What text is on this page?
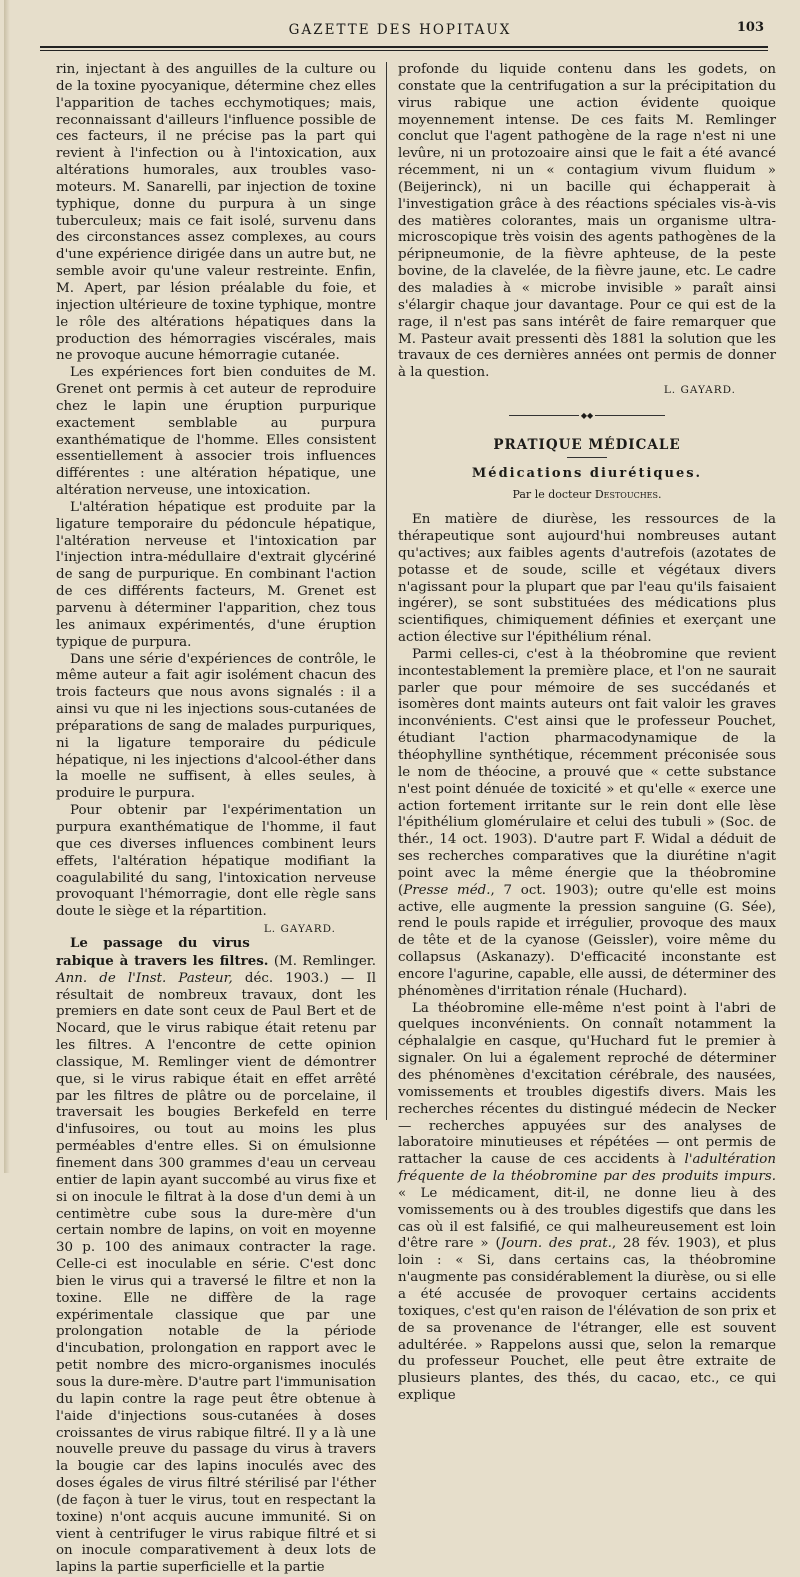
GAZETTE DES HOPITAUX	103

rin, injectant à des anguilles de la culture ou de la toxine pyocyanique, détermine chez elles l'apparition de taches ecchymotiques; mais, reconnaissant d'ailleurs l'influence possible de ces facteurs, il ne précise pas la part qui revient à l'infection ou à l'intoxication, aux altérations humorales, aux troubles vaso-moteurs. M. Sanarelli, par injection de toxine typhique, donne du purpura à un singe tuberculeux; mais ce fait isolé, survenu dans des circonstances assez complexes, au cours d'une expérience dirigée dans un autre but, ne semble avoir qu'une valeur restreinte. Enfin, M. Apert, par lésion préalable du foie, et injection ultérieure de toxine typhique, montre le rôle des altérations hépatiques dans la production des hémorragies viscérales, mais ne provoque aucune hémorragie cutanée.

Les expériences fort bien conduites de M. Grenet ont permis à cet auteur de reproduire chez le lapin une éruption purpurique exactement semblable au purpura exanthématique de l'homme. Elles consistent essentiellement à associer trois influences différentes : une altération hépatique, une altération nerveuse, une intoxication.

L'altération hépatique est produite par la ligature temporaire du pédoncule hépatique, l'altération nerveuse et l'intoxication par l'injection intra-médullaire d'extrait glycériné de sang de purpurique. En combinant l'action de ces différents facteurs, M. Grenet est parvenu à déterminer l'apparition, chez tous les animaux expérimentés, d'une éruption typique de purpura.

Dans une série d'expériences de contrôle, le même auteur a fait agir isolément chacun des trois facteurs que nous avons signalés : il a ainsi vu que ni les injections sous-cutanées de préparations de sang de malades purpuriques, ni la ligature temporaire du pédicule hépatique, ni les injections d'alcool-éther dans la moelle ne suffisent, à elles seules, à produire le purpura.

Pour obtenir par l'expérimentation un purpura exanthématique de l'homme, il faut que ces diverses influences combinent leurs effets, l'altération hépatique modifiant la coagulabilité du sang, l'intoxication nerveuse provoquant l'hémorragie, dont elle règle sans doute le siège et la répartition.
L. GAYARD.

Le passage du virus rabique à travers les filtres. (M. Remlinger. Ann. de l'Inst. Pasteur, déc. 1903.) — Il résultait de nombreux travaux, dont les premiers en date sont ceux de Paul Bert et de Nocard, que le virus rabique était retenu par les filtres. A l'encontre de cette opinion classique, M. Remlinger vient de démontrer que, si le virus rabique était en effet arrêté par les filtres de plâtre ou de porcelaine, il traversait les bougies Berkefeld en terre d'infusoires, ou tout au moins les plus perméables d'entre elles. Si on émulsionne finement dans 300 grammes d'eau un cerveau entier de lapin ayant succombé au virus fixe et si on inocule le filtrat à la dose d'un demi à un centimètre cube sous la dure-mère d'un certain nombre de lapins, on voit en moyenne 30 p. 100 des animaux contracter la rage. Celle-ci est inoculable en série. C'est donc bien le virus qui a traversé le filtre et non la toxine. Elle ne diffère de la rage expérimentale classique que par une prolongation notable de la période d'incubation, prolongation en rapport avec le petit nombre des micro-organismes inoculés sous la dure-mère. D'autre part l'immunisation du lapin contre la rage peut être obtenue à l'aide d'injections sous-cutanées à doses croissantes de virus rabique filtré. Il y a là une nouvelle preuve du passage du virus à travers la bougie car des lapins inoculés avec des doses égales de virus filtré stérilisé par l'éther (de façon à tuer le virus, tout en respectant la toxine) n'ont acquis aucune immunité. Si on vient à centrifuger le virus rabique filtré et si on inocule comparativement à deux lots de lapins la partie superficielle et la partie

profonde du liquide contenu dans les godets, on constate que la centrifugation a sur la précipitation du virus rabique une action évidente quoique moyennement intense. De ces faits M. Remlinger conclut que l'agent pathogène de la rage n'est ni une levûre, ni un protozoaire ainsi que le fait a été avancé récemment, ni un « contagium vivum fluidum » (Beijerinck), ni un bacille qui échapperait à l'investigation grâce à des réactions spéciales vis-à-vis des matières colorantes, mais un organisme ultra-microscopique très voisin des agents pathogènes de la péripneumonie, de la fièvre aphteuse, de la peste bovine, de la clavelée, de la fièvre jaune, etc. Le cadre des maladies à « microbe invisible » paraît ainsi s'élargir chaque jour davantage. Pour ce qui est de la rage, il n'est pas sans intérêt de faire remarquer que M. Pasteur avait pressenti dès 1881 la solution que les travaux de ces dernières années ont permis de donner à la question.

L. GAYARD.
◆◆
PRATIQUE MÉDICALE
Médications diurétiques.
Par le docteur Destouches.

En matière de diurèse, les ressources de la thérapeutique sont aujourd'hui nombreuses autant qu'actives; aux faibles agents d'autrefois (azotates de potasse et de soude, scille et végétaux divers n'agissant pour la plupart que par l'eau qu'ils faisaient ingérer), se sont substituées des médications plus scientifiques, chimiquement définies et exerçant une action élective sur l'épithélium rénal.

Parmi celles-ci, c'est à la théobromine que revient incontestablement la première place, et l'on ne saurait parler que pour mémoire de ses succédanés et isomères dont maints auteurs ont fait valoir les graves inconvénients. C'est ainsi que le professeur Pouchet, étudiant l'action pharmacodynamique de la théophylline synthétique, récemment préconisée sous le nom de théocine, a prouvé que « cette substance n'est point dénuée de toxicité » et qu'elle « exerce une action fortement irritante sur le rein dont elle lèse l'épithélium glomérulaire et celui des tubuli » (Soc. de thér., 14 oct. 1903). D'autre part F. Widal a déduit de ses recherches comparatives que la diurétine n'agit point avec la même énergie que la théobromine (Presse méd., 7 oct. 1903); outre qu'elle est moins active, elle augmente la pression sanguine (G. Sée), rend le pouls rapide et irrégulier, provoque des maux de tête et de la cyanose (Geissler), voire même du collapsus (Askanazy). D'efficacité inconstante est encore l'agurine, capable, elle aussi, de déterminer des phénomènes d'irritation rénale (Huchard).

La théobromine elle-même n'est point à l'abri de quelques inconvénients. On connaît notamment la céphalalgie en casque, qu'Huchard fut le premier à signaler. On lui a également reproché de déterminer des phénomènes d'excitation cérébrale, des nausées, vomissements et troubles digestifs divers. Mais les recherches récentes du distingué médecin de Necker — recherches appuyées sur des analyses de laboratoire minutieuses et répétées — ont permis de rattacher la cause de ces accidents à l'adultération fréquente de la théobromine par des produits impurs. « Le médicament, dit-il, ne donne lieu à des vomissements ou à des troubles digestifs que dans les cas où il est falsifié, ce qui malheureusement est loin d'être rare » (Journ. des prat., 28 fév. 1903), et plus loin : « Si, dans certains cas, la théobromine n'augmente pas considérablement la diurèse, ou si elle a été accusée de provoquer certains accidents toxiques, c'est qu'en raison de l'élévation de son prix et de sa provenance de l'étranger, elle est souvent adultérée. » Rappelons aussi que, selon la remarque du professeur Pouchet, elle peut être extraite de plusieurs plantes, des thés, du cacao, etc., ce qui explique
